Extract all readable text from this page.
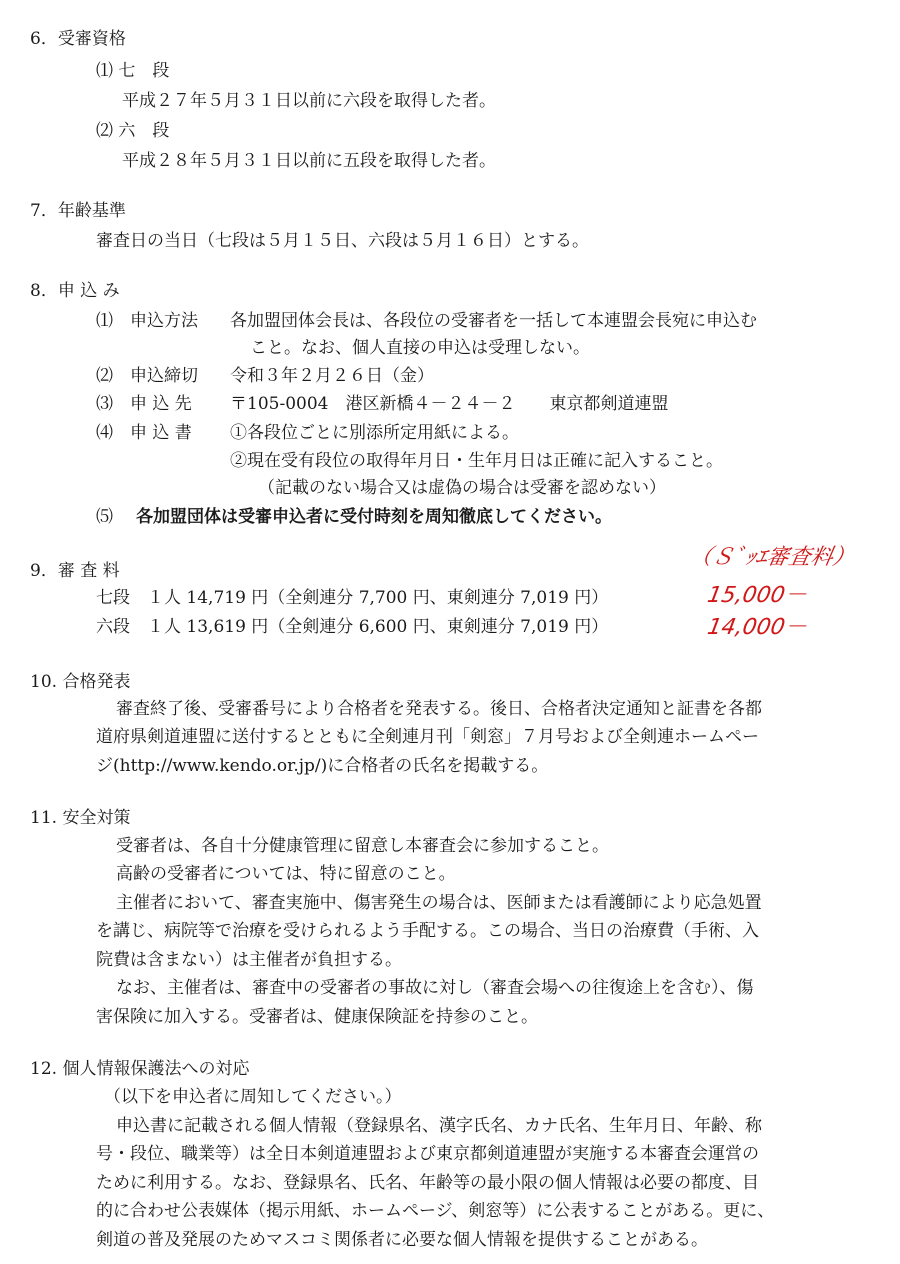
6．受審資格
⑴ 七　段
平成２７年５月３１日以前に六段を取得した者。
⑵ 六　段
平成２８年５月３１日以前に五段を取得した者。
7．年齢基準
審査日の当日（七段は５月１５日、六段は５月１６日）とする。
8．申 込 み
⑴　申込方法 各加盟団体会長は、各段位の受審者を一括して本連盟会長宛に申込む
こと。なお、個人直接の申込は受理しない。
⑵　申込締切 令和３年２月２６日（金）
⑶　申 込 先 〒105-0004　港区新橋４－２４－２　　東京都剣道連盟
⑷　申 込 書 ①各段位ごとに別添所定用紙による。
②現在受有段位の取得年月日・生年月日は正確に記入すること。
（記載のない場合又は虚偽の場合は受審を認めない）
⑸ 各加盟団体は受審申込者に受付時刻を周知徹底してください。
9．審 査 料
七段　１人 14,719 円（全剣連分 7,700 円、東剣連分 7,019 円）
六段　１人 13,619 円（全剣連分 6,600 円、東剣連分 7,019 円）
（Ｓﾞｯｴ審査料）
15,000－
14,000－
10. 合格発表
審査終了後、受審番号により合格者を発表する。後日、合格者決定通知と証書を各都
道府県剣道連盟に送付するとともに全剣連月刊「剣窓」７月号および全剣連ホームペー
ジ(http://www.kendo.or.jp/)に合格者の氏名を掲載する。
11. 安全対策
受審者は、各自十分健康管理に留意し本審査会に参加すること。
高齢の受審者については、特に留意のこと。
主催者において、審査実施中、傷害発生の場合は、医師または看護師により応急処置
を講じ、病院等で治療を受けられるよう手配する。この場合、当日の治療費（手術、入
院費は含まない）は主催者が負担する。
なお、主催者は、審査中の受審者の事故に対し（審査会場への往復途上を含む）、傷
害保険に加入する。受審者は、健康保険証を持参のこと。
12. 個人情報保護法への対応
（以下を申込者に周知してください。）
申込書に記載される個人情報（登録県名、漢字氏名、カナ氏名、生年月日、年齢、称
号・段位、職業等）は全日本剣道連盟および東京都剣道連盟が実施する本審査会運営の
ために利用する。なお、登録県名、氏名、年齢等の最小限の個人情報は必要の都度、目
的に合わせ公表媒体（掲示用紙、ホームページ、剣窓等）に公表することがある。更に、
剣道の普及発展のためマスコミ関係者に必要な個人情報を提供することがある。
